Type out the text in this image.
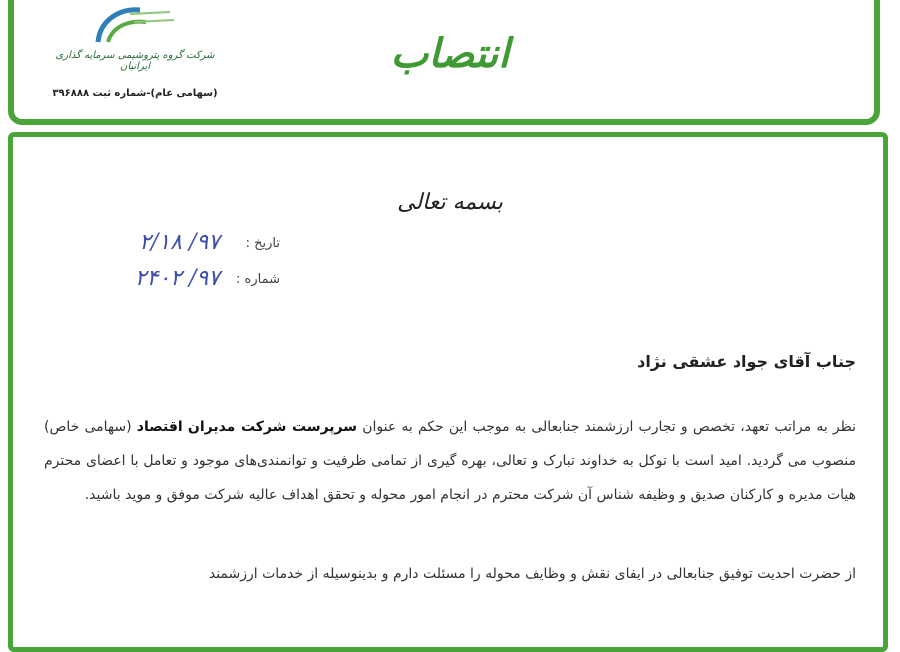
شرکت گروه پتروشیمی سرمایه گذاری ایرانیان
(سهامی عام)-شماره ثبت ۳۹۶۸۸۸
انتصاب
بسمه تعالی
تاریخ :
۹۷/ ۲/۱۸
شماره :
۹۷/ ۲۴۰۲
جناب آقای جواد عشقی نژاد
نظر به مراتب تعهد، تخصص و تجارب ارزشمند جنابعالی به موجب این حکم به عنوان سرپرست شرکت مدیران اقتصاد (سهامی خاص) منصوب می گردید. امید است با توکل به خداوند تبارک و تعالی، بهره گیری از تمامی ظرفیت و توانمندی‌های موجود و تعامل با اعضای محترم هیات مدیره و کارکنان صدیق و وظیفه شناس آن شرکت محترم در انجام امور محوله و تحقق اهداف عالیه شرکت موفق و موید باشید.
از حضرت احدیت توفیق جنابعالی در ایفای نقش و وظایف محوله را مسئلت دارم و بدینوسیله از خدمات ارزشمند
